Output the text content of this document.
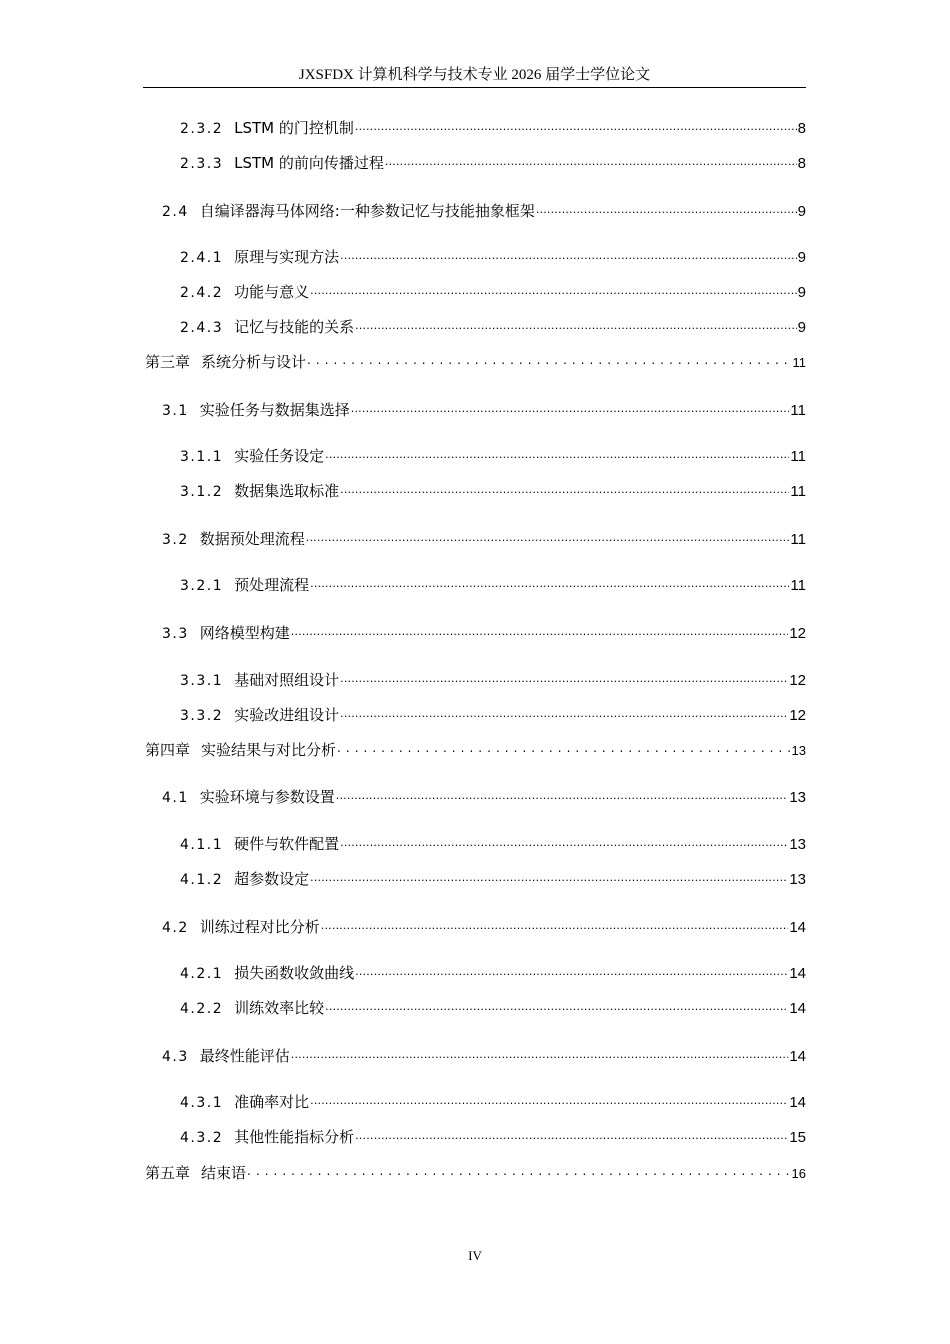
JXSFDX 计算机科学与技术专业 2026 届学士学位论文
2.3.2 LSTM 的门控机制 .....	8
2.3.3 LSTM 的前向传播过程 .....	8
2.4 自编译器海马体网络:一种参数记忆与技能抽象框架 .....	9
2.4.1 原理与实现方法 .....	9
2.4.2 功能与意义 .....	9
2.4.3 记忆与技能的关系 .....	9
第三章 系统分析与设计 . . .	11
3.1 实验任务与数据集选择 .....	11
3.1.1 实验任务设定 .....	11
3.1.2 数据集选取标准 .....	11
3.2 数据预处理流程 .....	11
3.2.1 预处理流程 .....	11
3.3 网络模型构建 .....	12
3.3.1 基础对照组设计 .....	12
3.3.2 实验改进组设计 .....	12
第四章 实验结果与对比分析 . . .	13
4.1 实验环境与参数设置 .....	13
4.1.1 硬件与软件配置 .....	13
4.1.2 超参数设定 .....	13
4.2 训练过程对比分析 .....	14
4.2.1 损失函数收敛曲线 .....	14
4.2.2 训练效率比较 .....	14
4.3 最终性能评估 .....	14
4.3.1 准确率对比 .....	14
4.3.2 其他性能指标分析 .....	15
第五章 结束语 . . .	16
IV
